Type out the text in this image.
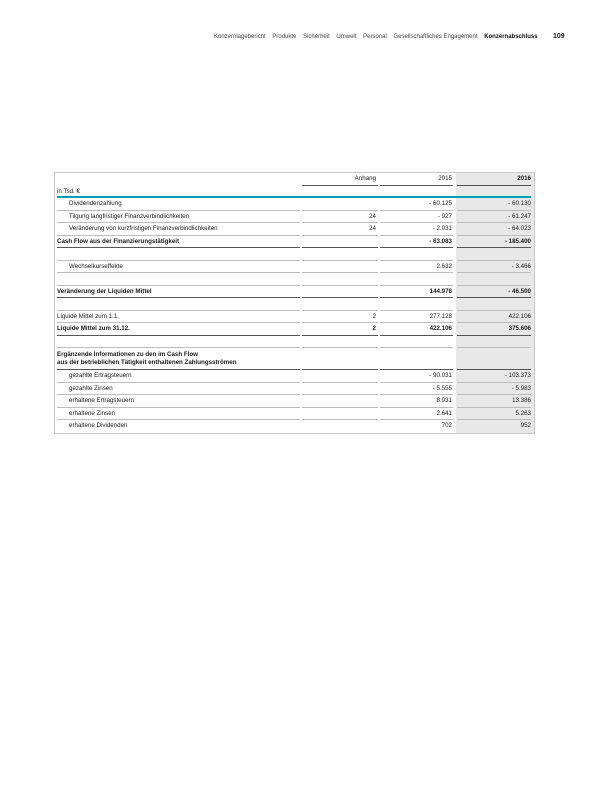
Konzernlagebericht Produkte Sicherheit Umwelt Personal Gesellschaftliches Engagement Konzernabschluss	109
Anhang	2015	2016
in Tsd. €
Dividendenzahlung	- 60.125	- 60.130
Tilgung langfristiger Finanzverbindlichkeiten	24	- 927	- 61.247
Veränderung von kurzfristigen Finanzverbindlichkeiten	24	- 2.031	- 64.023
Cash Flow aus der Finanzierungstätigkeit	- 63.083	- 185.400
Wechselkurseffekte	2.632	- 3.466
Veränderung der Liquiden Mittel	144.978	- 46.500
Liquide Mittel zum 1.1.	2	277.128	422.106
Liquide Mittel zum 31.12.	2	422.106	375.606
Ergänzende Informationen zu den im Cash Flow
aus der betrieblichen Tätigkeit enthaltenen Zahlungsströmen
gezahlte Ertragsteuern	- 90.031	- 103.373
gezahlte Zinsen	- 5.555	- 5.983
erhaltene Ertragsteuern	8.931	13.386
erhaltene Zinsen	2.641	5.263
erhaltene Dividenden	702	952
